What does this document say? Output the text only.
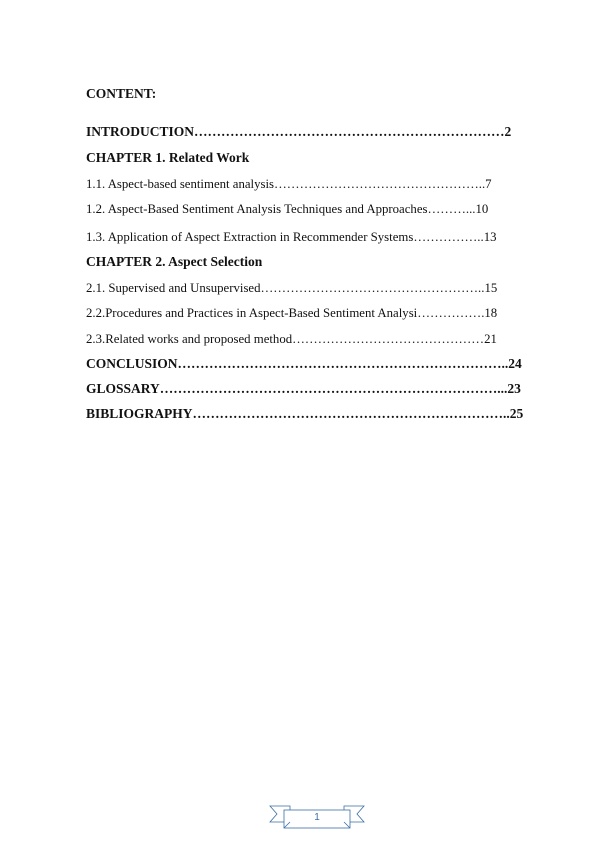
CONTENT:
INTRODUCTION……………………………………………………………2
CHAPTER 1. Related Work
1.1. Aspect-based sentiment analysis…………………………………………..7
1.2. Aspect-Based Sentiment Analysis Techniques and Approaches………...10
1.3. Application of Aspect Extraction in Recommender Systems……………..13
CHAPTER 2. Aspect Selection
2.1. Supervised and Unsupervised……………………………………………..15
2.2.Procedures and Practices in Aspect-Based Sentiment Analysi…………….18
2.3.Related works and proposed method………………………………………21
CONCLUSION………………………………………………………………..24
GLOSSARY…………………………………………………………………...23
BIBLIOGRAPHY……………………………………………………………..25
1
